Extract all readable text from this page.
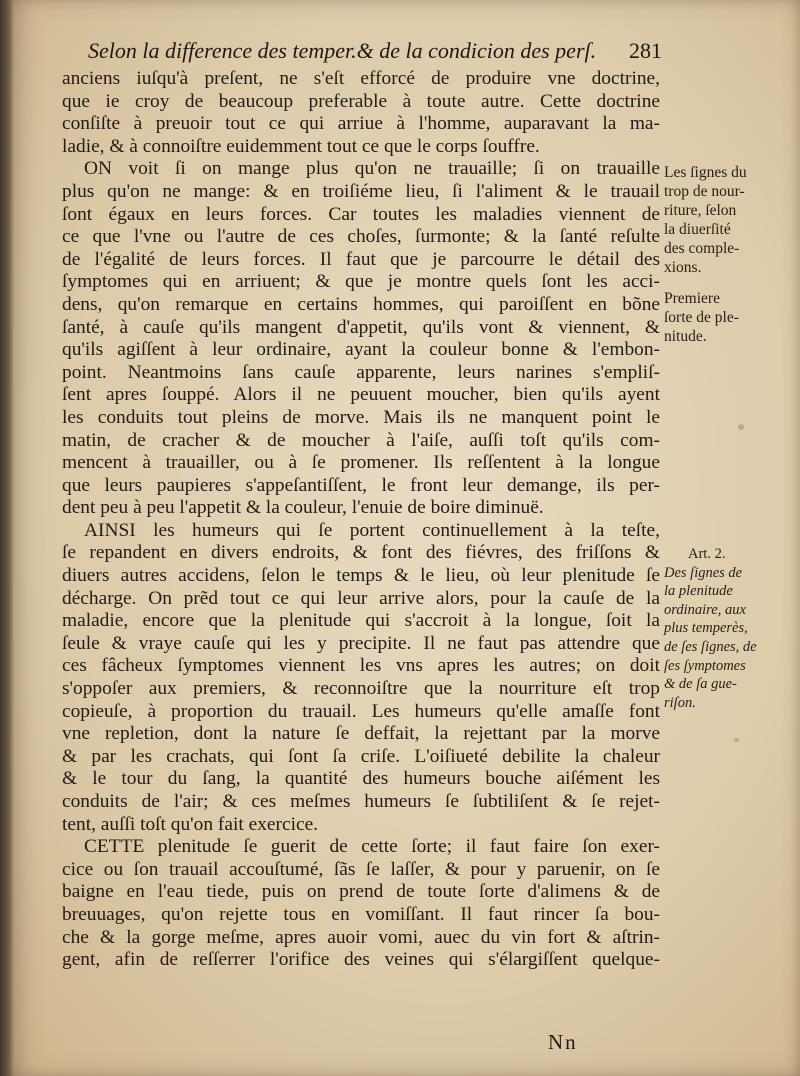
Selon la difference des temper.& de la condicion des perſ. 281
anciens iuſqu'à preſent, ne s'eſt efforcé de produire vne doctrine,
que ie croy de beaucoup preferable à toute autre. Cette doctrine
conſiſte à preuoir tout ce qui arriue à l'homme, auparavant la ma-
ladie, & à connoiſtre euidemment tout ce que le corps ſouffre.
ON voit ſi on mange plus qu'on ne trauaille; ſi on trauaille
plus qu'on ne mange: & en troiſiéme lieu, ſi l'aliment & le trauail
ſont égaux en leurs forces. Car toutes les maladies viennent de
ce que l'vne ou l'autre de ces choſes, ſurmonte; & la ſanté reſulte
de l'égalité de leurs forces. Il faut que je parcourre le détail des
ſymptomes qui en arriuent; & que je montre quels ſont les acci-
dens, qu'on remarque en certains hommes, qui paroiſſent en bõne
ſanté, à cauſe qu'ils mangent d'appetit, qu'ils vont & viennent, &
qu'ils agiſſent à leur ordinaire, ayant la couleur bonne & l'embon-
point. Neantmoins ſans cauſe apparente, leurs narines s'empliſ-
ſent apres ſouppé. Alors il ne peuuent moucher, bien qu'ils ayent
les conduits tout pleins de morve. Mais ils ne manquent point le
matin, de cracher & de moucher à l'aiſe, auſſi toſt qu'ils com-
mencent à trauailler, ou à ſe promener. Ils reſſentent à la longue
que leurs paupieres s'appeſantiſſent, le front leur demange, ils per-
dent peu à peu l'appetit & la couleur, l'enuie de boire diminuë.
AINSI les humeurs qui ſe portent continuellement à la teſte,
ſe repandent en divers endroits, & font des fiévres, des friſſons &
diuers autres accidens, ſelon le temps & le lieu, où leur plenitude ſe
décharge. On prẽd tout ce qui leur arrive alors, pour la cauſe de la
maladie, encore que la plenitude qui s'accroit à la longue, ſoit la
ſeule & vraye cauſe qui les y precipite. Il ne faut pas attendre que
ces fâcheux ſymptomes viennent les vns apres les autres; on doit
s'oppoſer aux premiers, & reconnoiſtre que la nourriture eſt trop
copieuſe, à proportion du trauail. Les humeurs qu'elle amaſſe font
vne repletion, dont la nature ſe deffait, la rejettant par la morve
& par les crachats, qui ſont ſa criſe. L'oiſiueté debilite la chaleur
& le tour du ſang, la quantité des humeurs bouche aiſément les
conduits de l'air; & ces meſmes humeurs ſe ſubtiliſent & ſe rejet-
tent, auſſi toſt qu'on fait exercice.
CETTE plenitude ſe guerit de cette ſorte; il faut faire ſon exer-
cice ou ſon trauail accouſtumé, ſãs ſe laſſer, & pour y paruenir, on ſe
baigne en l'eau tiede, puis on prend de toute ſorte d'alimens & de
breuuages, qu'on rejette tous en vomiſſant. Il faut rincer ſa bou-
che & la gorge meſme, apres auoir vomi, auec du vin fort & aſtrin-
gent, afin de reſſerrer l'orifice des veines qui s'élargiſſent quelque-
Les ſignes du
trop de nour-
riture, ſelon
la diuerſité
des comple-
xions.
Premiere
ſorte de ple-
nitude.
Art. 2.
Des ſignes de
la plenitude
ordinaire, aux
plus temperès,
de ſes ſignes, de
ſes ſymptomes
& de ſa gue-
riſon.
Nn
